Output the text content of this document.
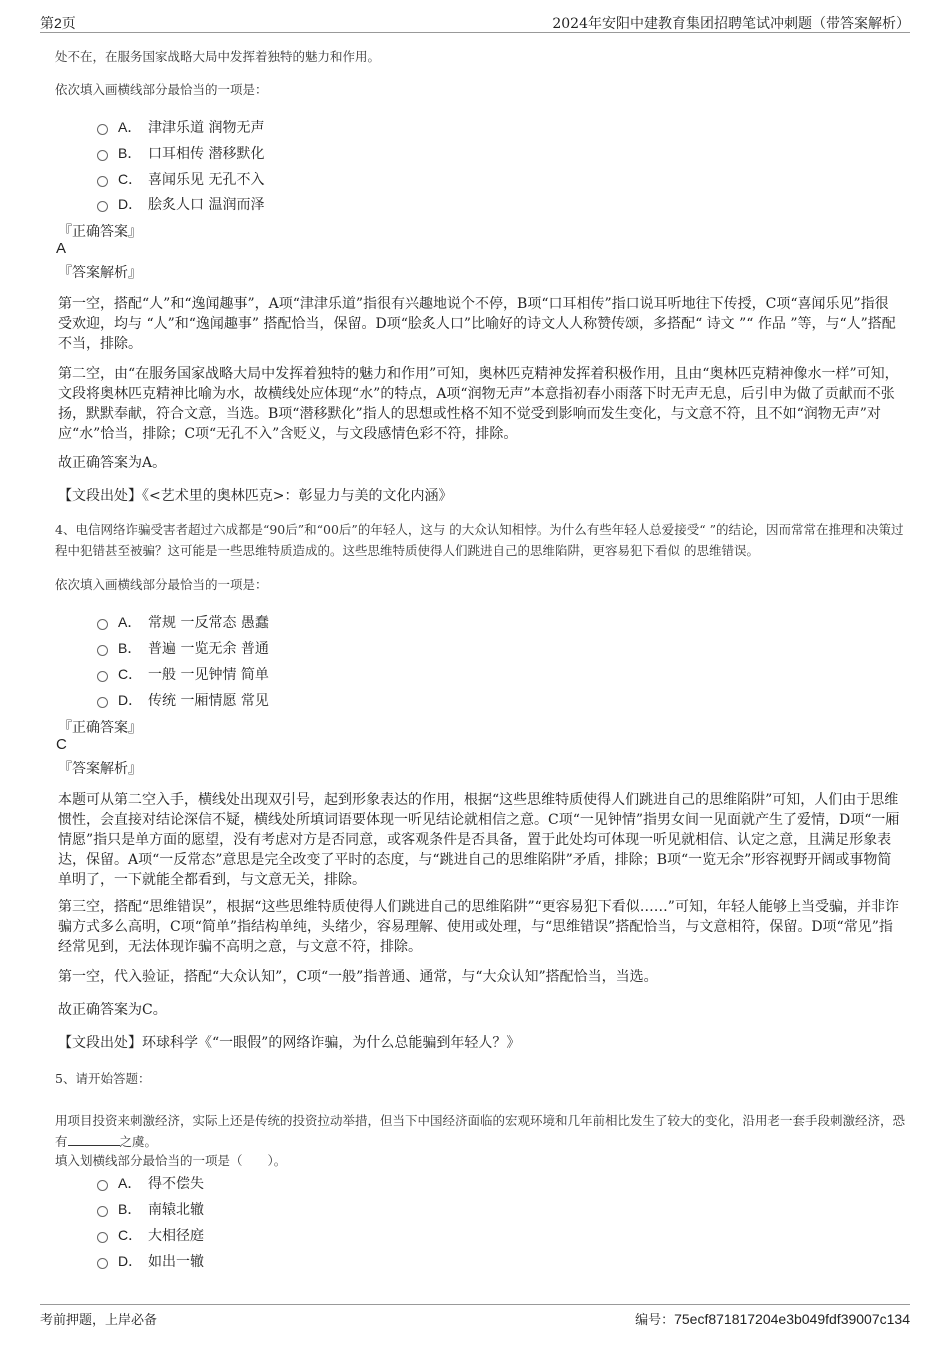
第2页	2024年安阳中建教育集团招聘笔试冲刺题（带答案解析）
处不在，在服务国家战略大局中发挥着独特的魅力和作用。
依次填入画横线部分最恰当的一项是：
A． 津津乐道 润物无声
B． 口耳相传 潜移默化
C． 喜闻乐见 无孔不入
D． 脍炙人口 温润而泽
『正确答案』
A
『答案解析』
第一空，搭配“人”和“逸闻趣事”，A项“津津乐道”指很有兴趣地说个不停，B项“口耳相传”指口说耳听地往下传授，C项“喜闻乐见”指很受欢迎，均与 “人”和“逸闻趣事” 搭配恰当，保留。D项“脍炙人口”比喻好的诗文人人称赞传颂，多搭配“ 诗文 ”“ 作品 ”等，与“人”搭配不当，排除。
第二空，由“在服务国家战略大局中发挥着独特的魅力和作用”可知，奥林匹克精神发挥着积极作用，且由“奥林匹克精神像水一样”可知，文段将奥林匹克精神比喻为水，故横线处应体现“水”的特点，A项“润物无声”本意指初春小雨落下时无声无息，后引申为做了贡献而不张扬，默默奉献，符合文意，当选。B项“潜移默化”指人的思想或性格不知不觉受到影响而发生变化，与文意不符，且不如“润物无声”对应“水”恰当，排除；C项“无孔不入”含贬义，与文段感情色彩不符，排除。
故正确答案为A。
【文段出处】《<艺术里的奥林匹克>：彰显力与美的文化内涵》
4、电信网络诈骗受害者超过六成都是“90后”和“00后”的年轻人，这与 的大众认知相悖。为什么有些年轻人总爱接受“ ”的结论，因而常常在推理和决策过程中犯错甚至被骗？这可能是一些思维特质造成的。这些思维特质使得人们跳进自己的思维陷阱，更容易犯下看似 的思维错误。
依次填入画横线部分最恰当的一项是：
A． 常规 一反常态 愚蠢
B． 普遍 一览无余 普通
C． 一般 一见钟情 简单
D． 传统 一厢情愿 常见
『正确答案』
C
『答案解析』
本题可从第二空入手，横线处出现双引号，起到形象表达的作用，根据“这些思维特质使得人们跳进自己的思维陷阱”可知，人们由于思维惯性，会直接对结论深信不疑，横线处所填词语要体现一听见结论就相信之意。C项“一见钟情”指男女间一见面就产生了爱情，D项“一厢情愿”指只是单方面的愿望，没有考虑对方是否同意，或客观条件是否具备，置于此处均可体现一听见就相信、认定之意，且满足形象表达，保留。A项“一反常态”意思是完全改变了平时的态度，与“跳进自己的思维陷阱”矛盾，排除；B项“一览无余”形容视野开阔或事物简单明了，一下就能全都看到，与文意无关，排除。
第三空，搭配“思维错误”，根据“这些思维特质使得人们跳进自己的思维陷阱”“更容易犯下看似……”可知，年轻人能够上当受骗，并非诈骗方式多么高明，C项“简单”指结构单纯，头绪少，容易理解、使用或处理，与“思维错误”搭配恰当，与文意相符，保留。D项“常见”指经常见到，无法体现诈骗不高明之意，与文意不符，排除。
第一空，代入验证，搭配“大众认知”，C项“一般”指普通、通常，与“大众认知”搭配恰当，当选。
故正确答案为C。
【文段出处】环球科学《“一眼假”的网络诈骗，为什么总能骗到年轻人？》
5、请开始答题：
用项目投资来刺激经济，实际上还是传统的投资拉动举措，但当下中国经济面临的宏观环境和几年前相比发生了较大的变化，沿用老一套手段刺激经济，恐有	之虞。
填入划横线部分最恰当的一项是（　　）。
A． 得不偿失
B． 南辕北辙
C． 大相径庭
D． 如出一辙
考前押题，上岸必备	编号：75ecf871817204e3b049fdf39007c134
